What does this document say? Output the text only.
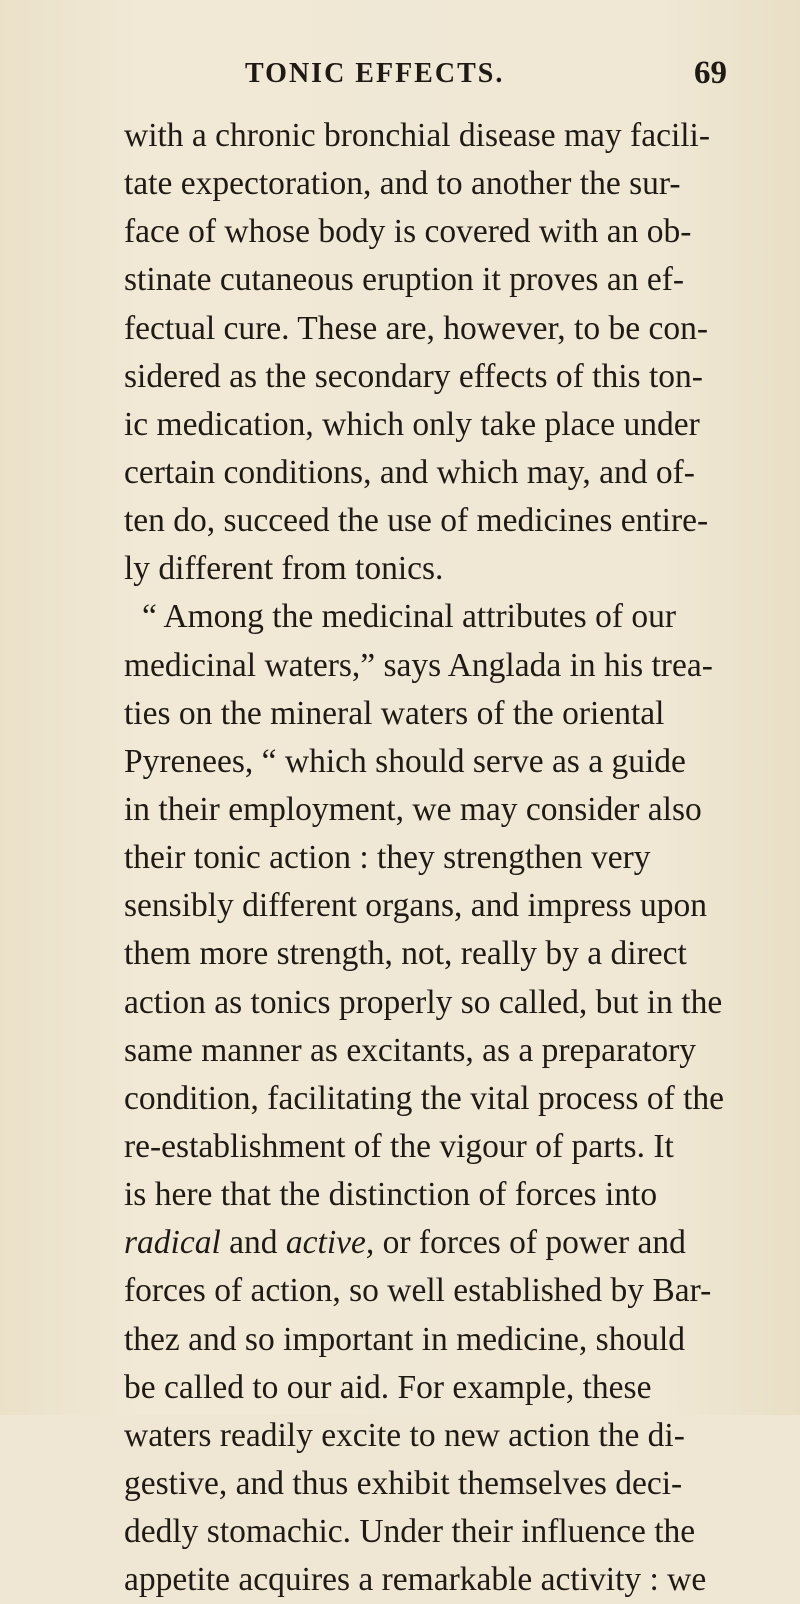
TONIC EFFECTS.	69
with a chronic bronchial disease may facili-
tate expectoration, and to another the sur-
face of whose body is covered with an ob-
stinate cutaneous eruption it proves an ef-
fectual cure. These are, however, to be con-
sidered as the secondary effects of this ton-
ic medication, which only take place under
certain conditions, and which may, and of-
ten do, succeed the use of medicines entire-
ly different from tonics.
“ Among the medicinal attributes of our
medicinal waters,” says Anglada in his trea-
ties on the mineral waters of the oriental
Pyrenees, “ which should serve as a guide
in their employment, we may consider also
their tonic action : they strengthen very
sensibly different organs, and impress upon
them more strength, not, really by a direct
action as tonics properly so called, but in the
same manner as excitants, as a preparatory
condition, facilitating the vital process of the
re-establishment of the vigour of parts. It
is here that the distinction of forces into
radical and active, or forces of power and
forces of action, so well established by Bar-
thez and so important in medicine, should
be called to our aid. For example, these
waters readily excite to new action the di-
gestive, and thus exhibit themselves deci-
dedly stomachic. Under their influence the
appetite acquires a remarkable activity : we
